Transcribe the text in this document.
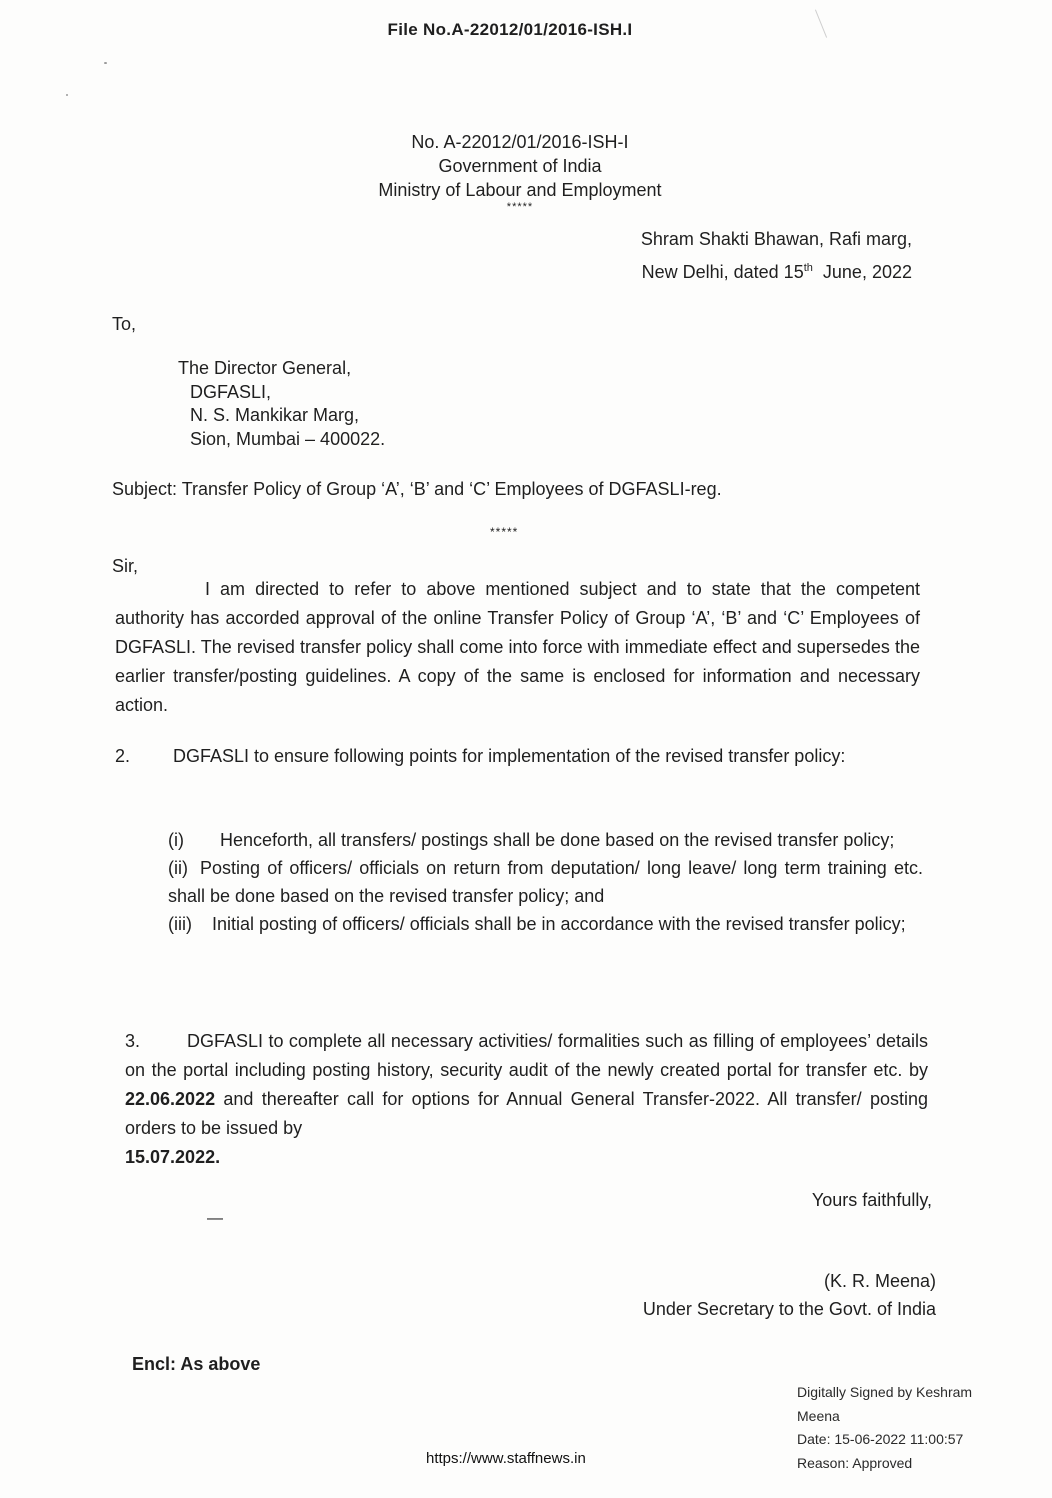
File No.A-22012/01/2016-ISH.I
No. A-22012/01/2016-ISH-I
Government of India
Ministry of Labour and Employment
*****
Shram Shakti Bhawan, Rafi marg,
New Delhi, dated 15th  June, 2022
To,
The Director General,
DGFASLI,
N. S. Mankikar Marg,
Sion, Mumbai – 400022.
Subject: Transfer Policy of Group ‘A’, ‘B’ and ‘C’ Employees of DGFASLI-reg.
*****
Sir,
I am directed to refer to above mentioned subject and to state that the competent authority has accorded approval of the online Transfer Policy of Group ‘A’, ‘B’ and ‘C’ Employees of DGFASLI. The revised transfer policy shall come into force with immediate effect and supersedes the earlier transfer/posting guidelines. A copy of the same is enclosed for information and necessary action.
2. DGFASLI to ensure following points for implementation of the revised transfer policy:
(i) Henceforth, all transfers/ postings shall be done based on the revised transfer policy;
(ii) Posting of officers/ officials on return from deputation/ long leave/ long term training etc. shall be done based on the revised transfer policy; and
(iii) Initial posting of officers/ officials shall be in accordance with the revised transfer policy;
3.	DGFASLI to complete all necessary activities/ formalities such as filling of employees’ details on the portal including posting history, security audit of the newly created portal for transfer etc. by 22.06.2022 and thereafter call for options for Annual General Transfer-2022. All transfer/ posting orders to be issued by
15.07.2022.
Yours faithfully,
―
(K. R. Meena)
Under Secretary to the Govt. of India
Encl: As above
Digitally Signed by Keshram
Meena
Date: 15-06-2022 11:00:57
Reason: Approved
https://www.staffnews.in
